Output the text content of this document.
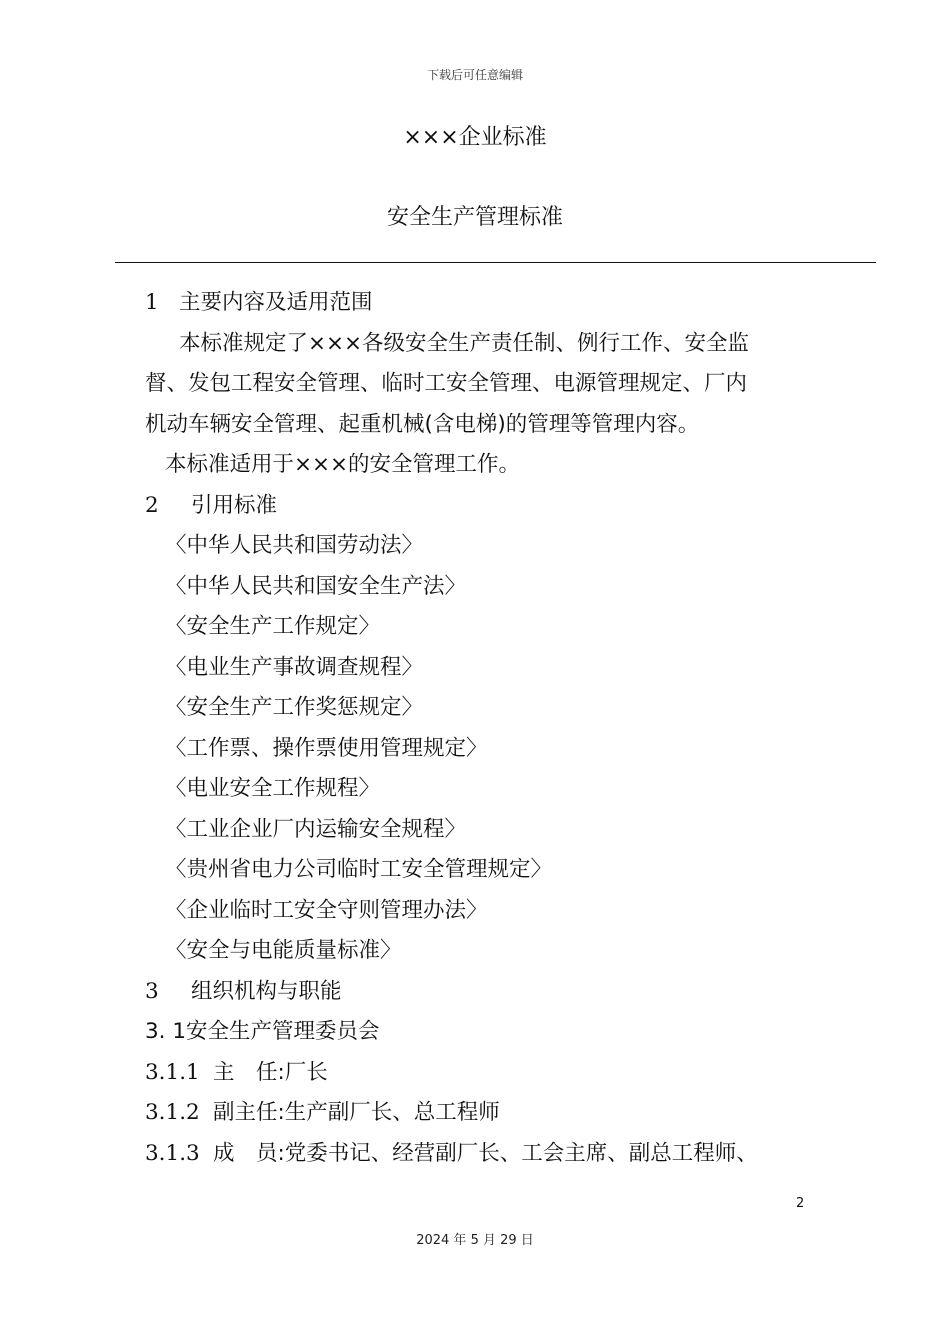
下载后可任意编辑
×××企业标准
安全生产管理标准
1 主要内容及适用范围
本标准规定了×××各级安全生产责任制、例行工作、安全监
督、发包工程安全管理、临时工安全管理、电源管理规定、厂内
机动车辆安全管理、起重机械(含电梯)的管理等管理内容。
本标准适用于×××的安全管理工作。
2 引用标准
〈中华人民共和国劳动法〉
〈中华人民共和国安全生产法〉
〈安全生产工作规定〉
〈电业生产事故调查规程〉
〈安全生产工作奖惩规定〉
〈工作票、操作票使用管理规定〉
〈电业安全工作规程〉
〈工业企业厂内运输安全规程〉
〈贵州省电力公司临时工安全管理规定〉
〈企业临时工安全守则管理办法〉
〈安全与电能质量标准〉
3 组织机构与职能
3. 1安全生产管理委员会
3.1.1 主　任:厂长
3.1.2 副主任:生产副厂长、总工程师
3.1.3 成　员:党委书记、经营副厂长、工会主席、副总工程师、
2
2024 年 5 月 29 日
